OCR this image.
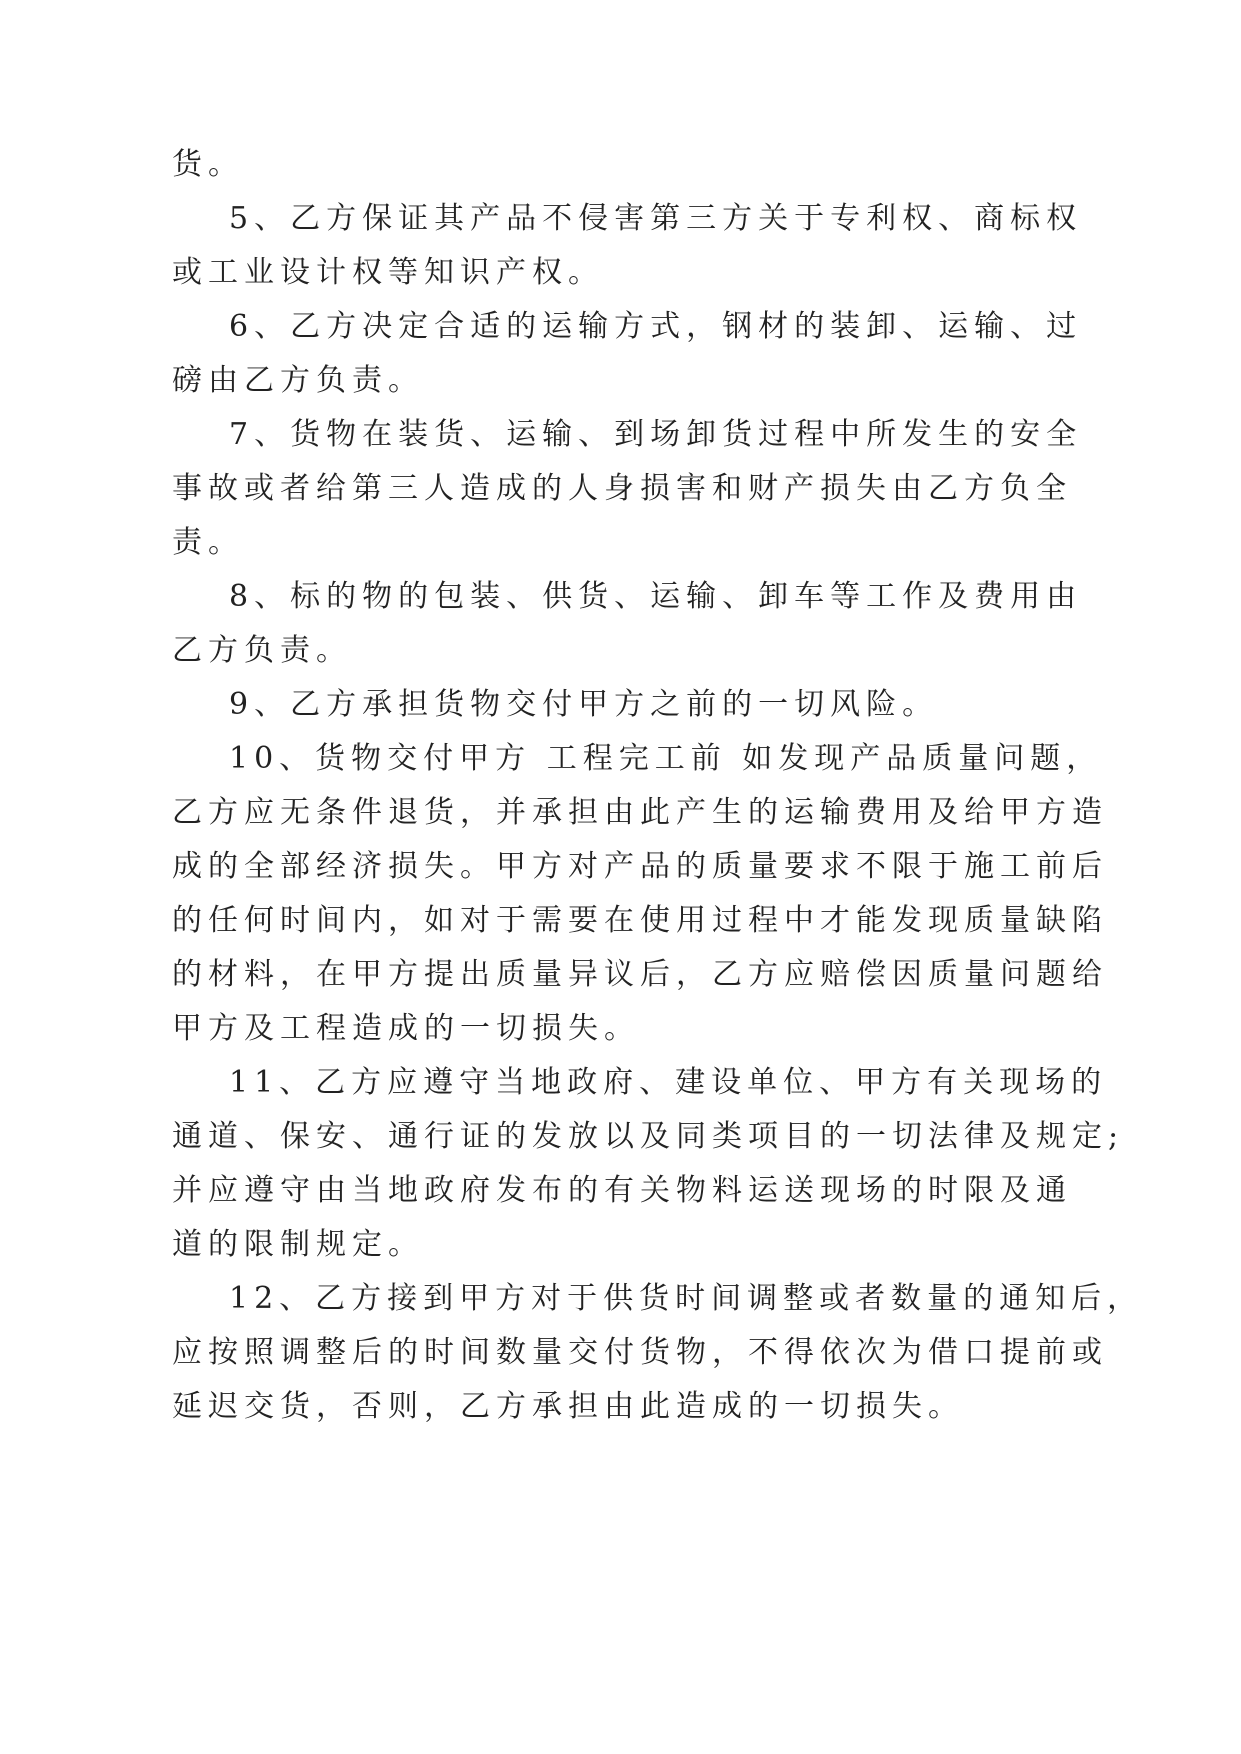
货。
5、乙方保证其产品不侵害第三方关于专利权、商标权
或工业设计权等知识产权。
6、乙方决定合适的运输方式，钢材的装卸、运输、过
磅由乙方负责。
7、货物在装货、运输、到场卸货过程中所发生的安全
事故或者给第三人造成的人身损害和财产损失由乙方负全
责。
8、标的物的包装、供货、运输、卸车等工作及费用由
乙方负责。
9、乙方承担货物交付甲方之前的一切风险。
10、货物交付甲方 工程完工前 如发现产品质量问题，
乙方应无条件退货，并承担由此产生的运输费用及给甲方造
成的全部经济损失。甲方对产品的质量要求不限于施工前后
的任何时间内，如对于需要在使用过程中才能发现质量缺陷
的材料，在甲方提出质量异议后，乙方应赔偿因质量问题给
甲方及工程造成的一切损失。
11、乙方应遵守当地政府、建设单位、甲方有关现场的
通道、保安、通行证的发放以及同类项目的一切法律及规定;
并应遵守由当地政府发布的有关物料运送现场的时限及通
道的限制规定。
12、乙方接到甲方对于供货时间调整或者数量的通知后，
应按照调整后的时间数量交付货物，不得依次为借口提前或
延迟交货，否则，乙方承担由此造成的一切损失。
